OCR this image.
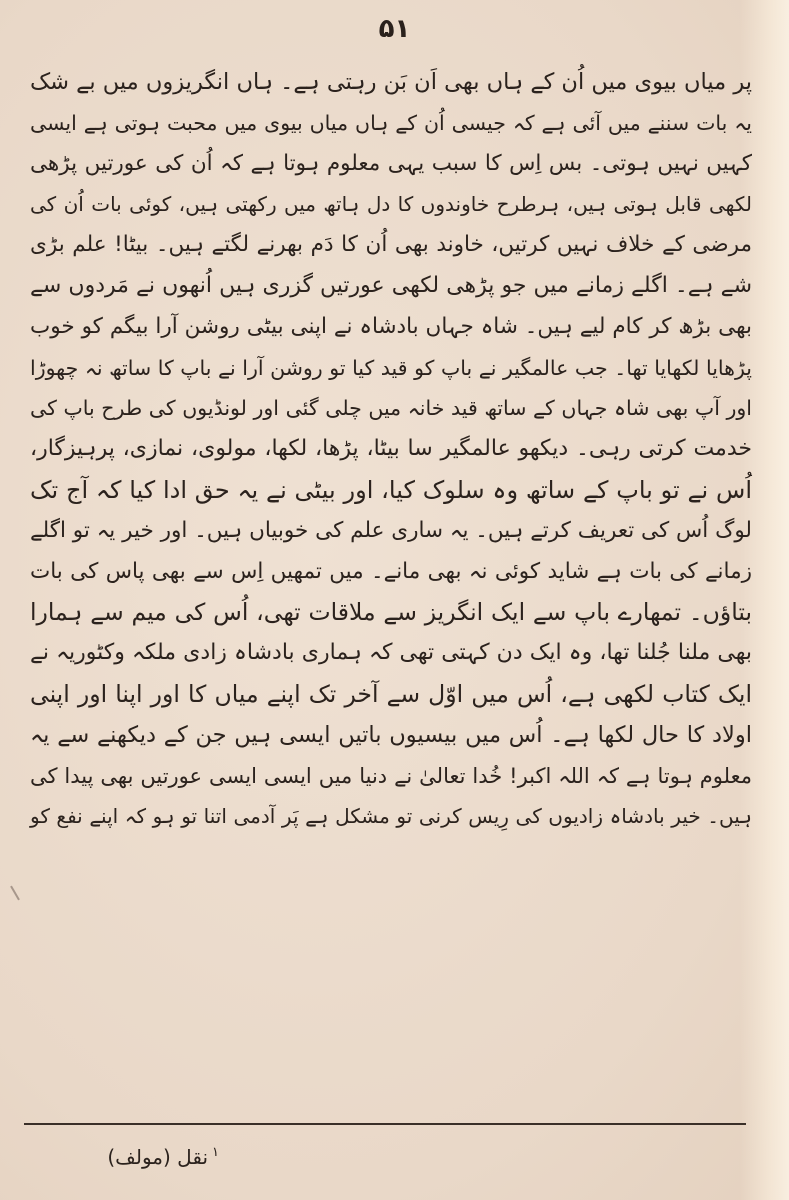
۵۱
پر میاں بیوی میں اُن کے ہاں بھی اَن بَن رہتی ہے۔ ہاں انگریزوں میں بے شک
یہ بات سننے میں آئی ہے کہ جیسی اُن کے ہاں میاں بیوی میں محبت ہوتی ہے ایسی
کہیں نہیں ہوتی۔ بس اِس کا سبب یہی معلوم ہوتا ہے کہ اُن کی عورتیں پڑھی
لکھی قابل ہوتی ہیں، ہرطرح خاوندوں کا دل ہاتھ میں رکھتی ہیں، کوئی بات اُن کی
مرضی کے خلاف نہیں کرتیں، خاوند بھی اُن کا دَم بھرنے لگتے ہیں۔ بیٹا! علم بڑی
شے ہے۔ اگلے زمانے میں جو پڑھی لکھی عورتیں گزری ہیں اُنھوں نے مَردوں سے
بھی بڑھ کر کام لیے ہیں۔ شاہ جہاں بادشاہ نے اپنی بیٹی روشن آرا بیگم کو خوب
پڑھایا لکھایا تھا۔ جب عالمگیر نے باپ کو قید کیا تو روشن آرا نے باپ کا ساتھ نہ چھوڑا
اور آپ بھی شاہ جہاں کے ساتھ قید خانہ میں چلی گئی اور لونڈیوں کی طرح باپ کی
خدمت کرتی رہی۔ دیکھو عالمگیر سا بیٹا، پڑھا، لکھا، مولوی، نمازی، پرہیزگار،
اُس نے تو باپ کے ساتھ وہ سلوک کیا، اور بیٹی نے یہ حق ادا کیا کہ آج تک
لوگ اُس کی تعریف کرتے ہیں۔ یہ ساری علم کی خوبیاں ہیں۔ اور خیر یہ تو اگلے
زمانے کی بات ہے شاید کوئی نہ بھی مانے۔ میں تمھیں اِس سے بھی پاس کی بات
بتاؤں۔ تمھارے باپ سے ایک انگریز سے ملاقات تھی، اُس کی میم سے ہمارا
بھی ملنا جُلنا تھا، وہ ایک دن کہتی تھی کہ ہماری بادشاہ زادی ملکہ وکٹوریہ نے
ایک کتاب لکھی ہے، اُس میں اوّل سے آخر تک اپنے میاں کا اور اپنا اور اپنی
اولاد کا حال لکھا ہے۔ اُس میں بیسیوں باتیں ایسی ہیں جن کے دیکھنے سے یہ
معلوم ہوتا ہے کہ اللہ اکبر! خُدا تعالیٰ نے دنیا میں ایسی ایسی عورتیں بھی پیدا کی
ہیں۔ خیر بادشاہ زادیوں کی رِیس کرنی تو مشکل ہے پَر آدمی اتنا تو ہو کہ اپنے نفع کو
$^۱$نقل (مولف)
